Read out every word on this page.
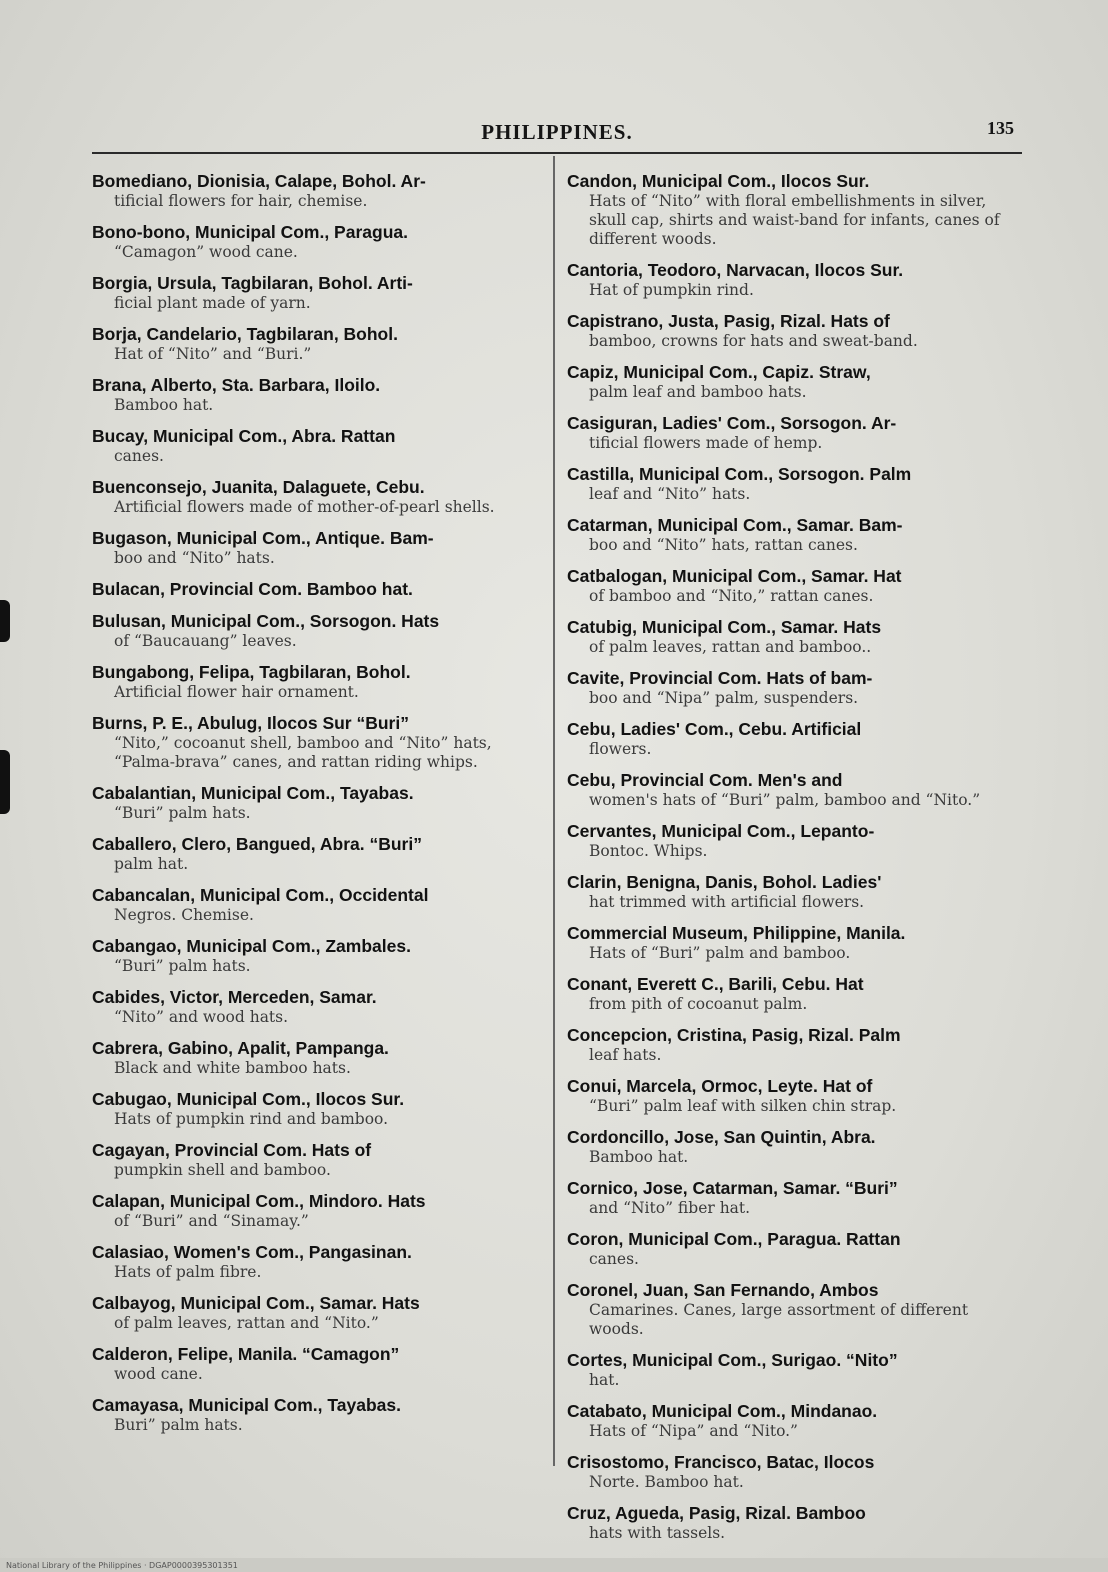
PHILIPPINES.	135
Bomediano, Dionisia, Calape, Bohol. Ar-
tificial flowers for hair, chemise.
Bono-bono, Municipal Com., Paragua.
“Camagon” wood cane.
Borgia, Ursula, Tagbilaran, Bohol. Arti-
ficial plant made of yarn.
Borja, Candelario, Tagbilaran, Bohol.
Hat of “Nito” and “Buri.”
Brana, Alberto, Sta. Barbara, Iloilo.
Bamboo hat.
Bucay, Municipal Com., Abra. Rattan
canes.
Buenconsejo, Juanita, Dalaguete, Cebu.
Artificial flowers made of mother-of-pearl shells.
Bugason, Municipal Com., Antique. Bam-
boo and “Nito” hats.
Bulacan, Provincial Com. Bamboo hat.
Bulusan, Municipal Com., Sorsogon. Hats
of “Baucauang” leaves.
Bungabong, Felipa, Tagbilaran, Bohol.
Artificial flower hair ornament.
Burns, P. E., Abulug, Ilocos Sur “Buri”
“Nito,” cocoanut shell, bamboo and “Nito” hats, “Palma-brava” canes, and rattan riding whips.
Cabalantian, Municipal Com., Tayabas.
“Buri” palm hats.
Caballero, Clero, Bangued, Abra. “Buri”
palm hat.
Cabancalan, Municipal Com., Occidental
Negros. Chemise.
Cabangao, Municipal Com., Zambales.
“Buri” palm hats.
Cabides, Victor, Merceden, Samar.
“Nito” and wood hats.
Cabrera, Gabino, Apalit, Pampanga.
Black and white bamboo hats.
Cabugao, Municipal Com., Ilocos Sur.
Hats of pumpkin rind and bamboo.
Cagayan, Provincial Com. Hats of
pumpkin shell and bamboo.
Calapan, Municipal Com., Mindoro. Hats
of “Buri” and “Sinamay.”
Calasiao, Women's Com., Pangasinan.
Hats of palm fibre.
Calbayog, Municipal Com., Samar. Hats
of palm leaves, rattan and “Nito.”
Calderon, Felipe, Manila. “Camagon”
wood cane.
Camayasa, Municipal Com., Tayabas.
Buri” palm hats.
Candon, Municipal Com., Ilocos Sur.
Hats of “Nito” with floral embellishments in silver, skull cap, shirts and waist-band for infants, canes of different woods.
Cantoria, Teodoro, Narvacan, Ilocos Sur.
Hat of pumpkin rind.
Capistrano, Justa, Pasig, Rizal. Hats of
bamboo, crowns for hats and sweat-band.
Capiz, Municipal Com., Capiz. Straw,
palm leaf and bamboo hats.
Casiguran, Ladies' Com., Sorsogon. Ar-
tificial flowers made of hemp.
Castilla, Municipal Com., Sorsogon. Palm
leaf and “Nito” hats.
Catarman, Municipal Com., Samar. Bam-
boo and “Nito” hats, rattan canes.
Catbalogan, Municipal Com., Samar. Hat
of bamboo and “Nito,” rattan canes.
Catubig, Municipal Com., Samar. Hats
of palm leaves, rattan and bamboo..
Cavite, Provincial Com. Hats of bam-
boo and “Nipa” palm, suspenders.
Cebu, Ladies' Com., Cebu. Artificial
flowers.
Cebu, Provincial Com. Men's and
women's hats of “Buri” palm, bamboo and “Nito.”
Cervantes, Municipal Com., Lepanto-
Bontoc. Whips.
Clarin, Benigna, Danis, Bohol. Ladies'
hat trimmed with artificial flowers.
Commercial Museum, Philippine, Manila.
Hats of “Buri” palm and bamboo.
Conant, Everett C., Barili, Cebu. Hat
from pith of cocoanut palm.
Concepcion, Cristina, Pasig, Rizal. Palm
leaf hats.
Conui, Marcela, Ormoc, Leyte. Hat of
“Buri” palm leaf with silken chin strap.
Cordoncillo, Jose, San Quintin, Abra.
Bamboo hat.
Cornico, Jose, Catarman, Samar. “Buri”
and “Nito” fiber hat.
Coron, Municipal Com., Paragua. Rattan
canes.
Coronel, Juan, San Fernando, Ambos
Camarines. Canes, large assortment of different woods.
Cortes, Municipal Com., Surigao. “Nito”
hat.
Catabato, Municipal Com., Mindanao.
Hats of “Nipa” and “Nito.”
Crisostomo, Francisco, Batac, Ilocos
Norte. Bamboo hat.
Cruz, Agueda, Pasig, Rizal. Bamboo
hats with tassels.
National Library of the Philippines · DGAP0000395301351
